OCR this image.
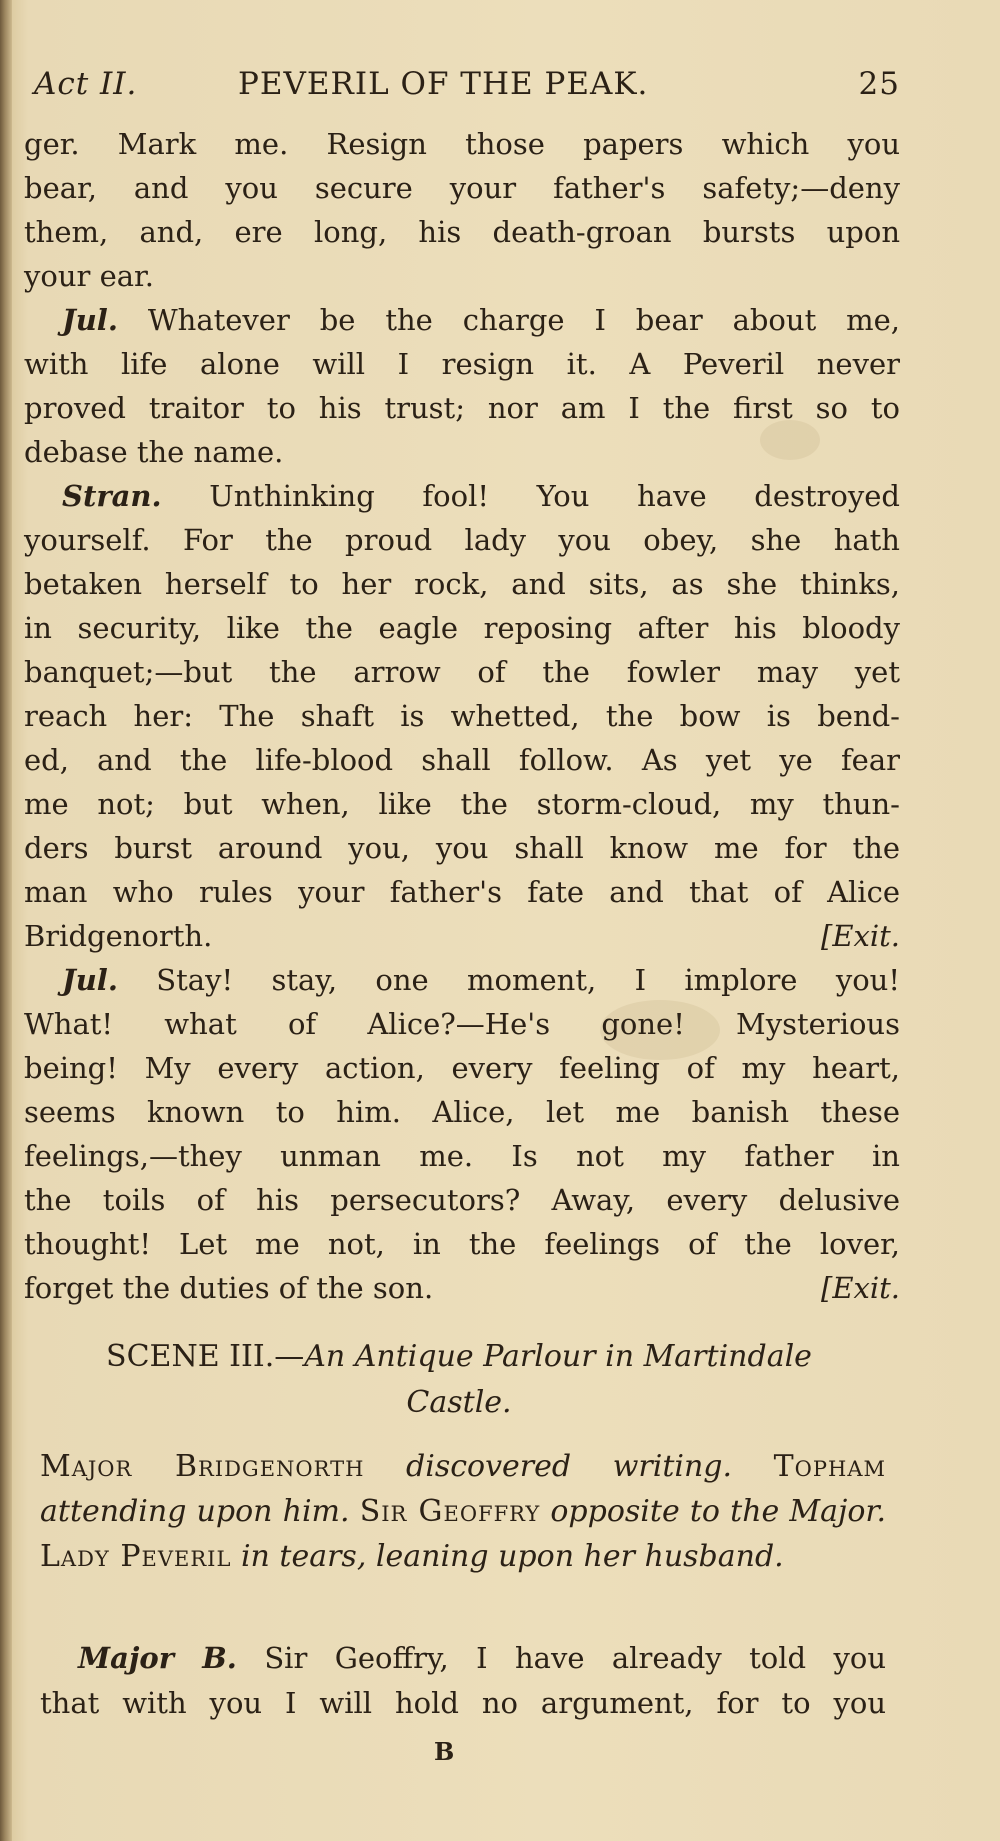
Act II.	PEVERIL OF THE PEAK.	25

ger. Mark me. Resign those papers which you

bear, and you secure your father's safety;—deny

them, and, ere long, his death-groan bursts upon

your ear.

Jul. Whatever be the charge I bear about me,

with life alone will I resign it. A Peveril never

proved traitor to his trust; nor am I the first so to

debase the name.

Stran. Unthinking fool! You have destroyed

yourself. For the proud lady you obey, she hath

betaken herself to her rock, and sits, as she thinks,

in security, like the eagle reposing after his bloody

banquet;—but the arrow of the fowler may yet

reach her: The shaft is whetted, the bow is bend-

ed, and the life-blood shall follow. As yet ye fear

me not; but when, like the storm-cloud, my thun-

ders burst around you, you shall know me for the

man who rules your father's fate and that of Alice

Bridgenorth.	[Exit.

Jul. Stay! stay, one moment, I implore you!

What! what of Alice?—He's gone! Mysterious

being! My every action, every feeling of my heart,

seems known to him. Alice, let me banish these

feelings,—they unman me. Is not my father in

the toils of his persecutors? Away, every delusive

thought! Let me not, in the feelings of the lover,

forget the duties of the son.	[Exit.

SCENE III.—An Antique Parlour in Martindale
Castle.
Major Bridgenorth discovered writing. Topham attending upon him. Sir Geoffry opposite to the Major. Lady Peveril in tears, leaning upon her husband.
Major B. Sir Geoffry, I have already told you
that with you I will hold no argument, for to you
B
